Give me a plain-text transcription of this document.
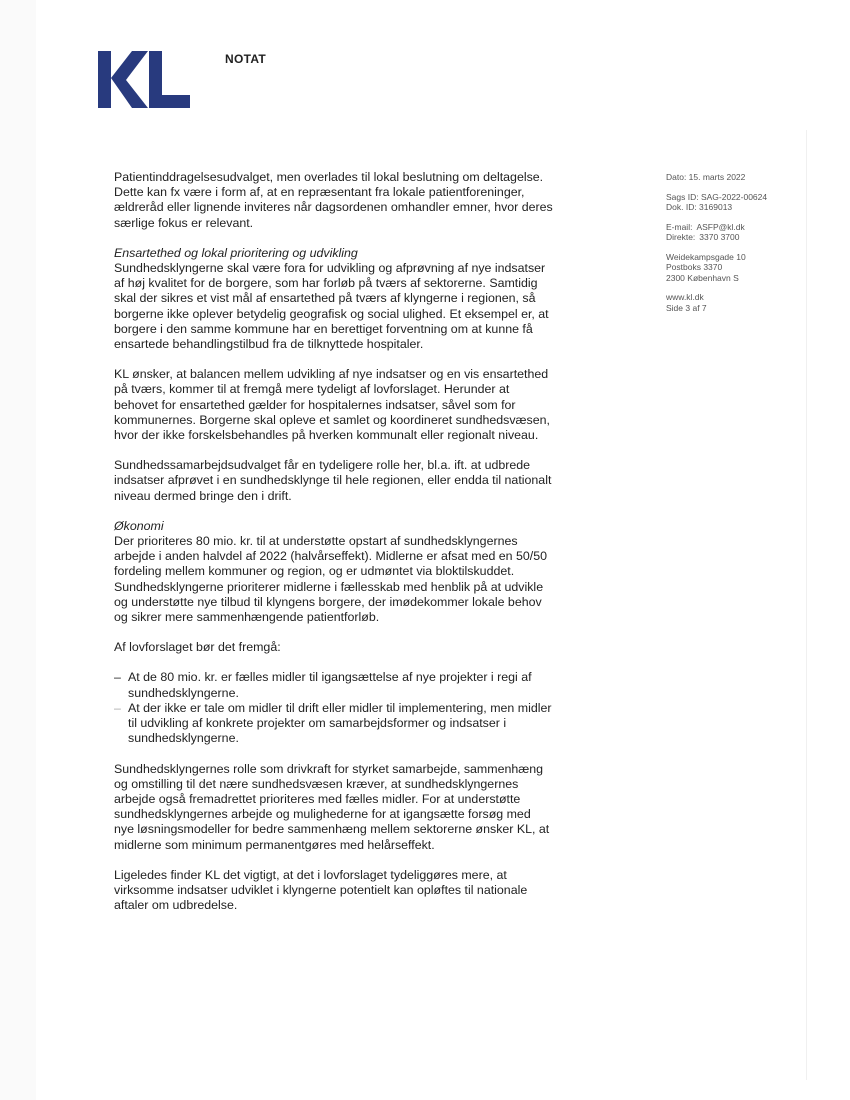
NOTAT
Dato: 15. marts 2022
Sags ID: SAG-2022-00624
Dok. ID: 3169013
E-mail: ASFP@kl.dk
Direkte: 3370 3700
Weidekampsgade 10
Postboks 3370
2300 København S
www.kl.dk
Side 3 af 7

Patientinddragelsesudvalget, men overlades til lokal beslutning om deltagelse. Dette kan fx være i form af, at en repræsentant fra lokale patientforeninger, ældreråd eller lignende inviteres når dagsordenen omhandler emner, hvor deres særlige fokus er relevant.

Ensartethed og lokal prioritering og udvikling
Sundhedsklyngerne skal være fora for udvikling og afprøvning af nye indsatser af høj kvalitet for de borgere, som har forløb på tværs af sektorerne. Samtidig skal der sikres et vist mål af ensartethed på tværs af klyngerne i regionen, så borgerne ikke oplever betydelig geografisk og social ulighed. Et eksempel er, at borgere i den samme kommune har en berettiget forventning om at kunne få ensartede behandlingstilbud fra de tilknyttede hospitaler.

KL ønsker, at balancen mellem udvikling af nye indsatser og en vis ensartethed på tværs, kommer til at fremgå mere tydeligt af lovforslaget. Herunder at behovet for ensartethed gælder for hospitalernes indsatser, såvel som for kommunernes. Borgerne skal opleve et samlet og koordineret sundhedsvæsen, hvor der ikke forskelsbehandles på hverken kommunalt eller regionalt niveau.

Sundhedssamarbejdsudvalget får en tydeligere rolle her, bl.a. ift. at udbrede indsatser afprøvet i en sundhedsklynge til hele regionen, eller endda til nationalt niveau dermed bringe den i drift.

Økonomi
Der prioriteres 80 mio. kr. til at understøtte opstart af sundhedsklyngernes arbejde i anden halvdel af 2022 (halvårseffekt). Midlerne er afsat med en 50/50 fordeling mellem kommuner og region, og er udmøntet via bloktilskuddet. Sundhedsklyngerne prioriterer midlerne i fællesskab med henblik på at udvikle og understøtte nye tilbud til klyngens borgere, der imødekommer lokale behov og sikrer mere sammenhængende patientforløb.

Af lovforslaget bør det fremgå:

– At de 80 mio. kr. er fælles midler til igangsættelse af nye projekter i regi af sundhedsklyngerne.
– At der ikke er tale om midler til drift eller midler til implementering, men midler til udvikling af konkrete projekter om samarbejdsformer og indsatser i sundhedsklyngerne.

Sundhedsklyngernes rolle som drivkraft for styrket samarbejde, sammenhæng og omstilling til det nære sundhedsvæsen kræver, at sundhedsklyngernes arbejde også fremadrettet prioriteres med fælles midler. For at understøtte sundhedsklyngernes arbejde og mulighederne for at igangsætte forsøg med nye løsningsmodeller for bedre sammenhæng mellem sektorerne ønsker KL, at midlerne som minimum permanentgøres med helårseffekt.

Ligeledes finder KL det vigtigt, at det i lovforslaget tydeliggøres mere, at virksomme indsatser udviklet i klyngerne potentielt kan opløftes til nationale aftaler om udbredelse.
